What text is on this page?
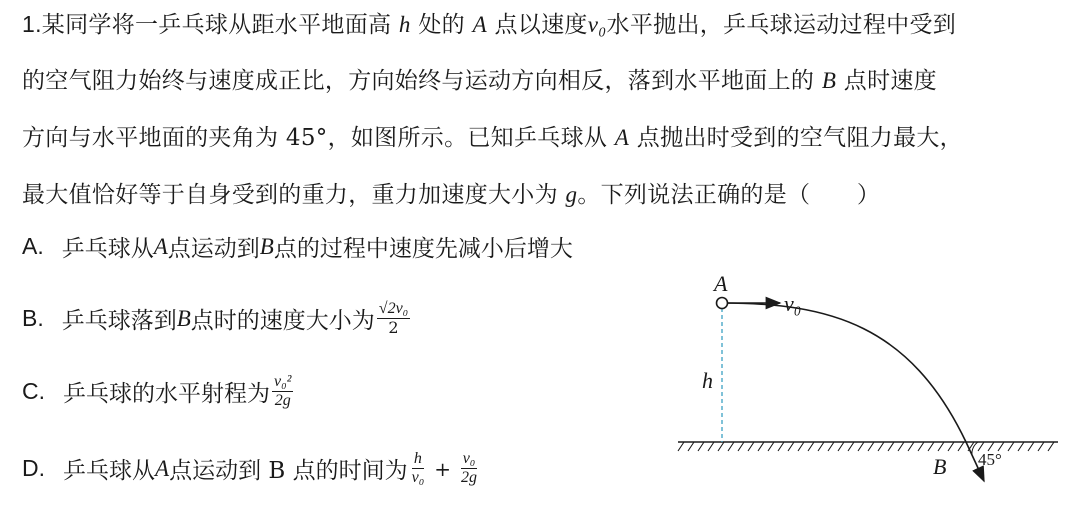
1.某同学将一乒乓球从距水平地面高 h 处的 A 点以速度v₀水平抛出，乒乓球运动过程中受到
的空气阻力始终与速度成正比，方向始终与运动方向相反，落到水平地面上的 B 点时速度
方向与水平地面的夹角为 45°，如图所示。已知乒乓球从 A 点抛出时受到的空气阻力最大，
最大值恰好等于自身受到的重力，重力加速度大小为 g。下列说法正确的是（　　）
A. 乒乓球从 A 点运动到 B 点的过程中速度先减小后增大
B. 乒乓球落到 B 点时的速度大小为 $\frac{\text{√2v₀}}{2}$
C. 乒乓球的水平射程为 $\frac{\text{v₀²}}{2g}$
D. 乒乓球从 A 点运动到 B 点的时间为 $\frac{h}{\text{v₀}} + \frac{\text{v₀}}{2g}$
A
v₀
h
B 45°
